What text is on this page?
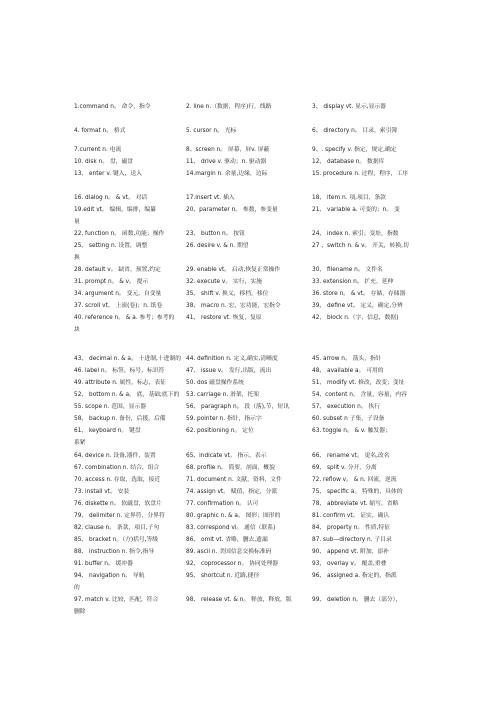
1.command n。 命令，指令	2. line n.（数据，程序)行，线路	3、 display vt. 显示,显示器
4. format n。 格式	5. cursor n。 光标	6、 directory n。 目录，索引簿
7.current n. 电流	8、screen n。 屏幕，屏v. 屏蔽	9、. specify v. 指定，规定,确定
10. disk n。 盘，磁盘	11、 drive v. 驱动；n. 驱动器	12、 database n。 数据库
13、 enter v. 键入，送入	14.margin n. 余量,边缘，边际	15. procedure n. 过程，程序，工序
16. dialog n。 & vt。 对话	17.insert vt. 插入	18、 item n. 项,项目，条款
19.edit vt。 编辑，编排，编纂	20、parameter n。 参数，参变量	21、 variable a. 可变的；n。 变
量
22. function n。 函数,功能；操作	23、 button n。 按钮	24、 index n. 索引；变址，指数
25、 setting n. 设置，调整	26. desire v. & n. 期望	27 、switch n. & v。 开关，转换,切
换
28. default v。 缺省，预置,约定	29. enable vt。 启动,恢复正常操作	30、 filename n。 文件名
31. prompt n。 & v。 提示	32. execute v。 实行，实施	33. extension n。 扩充，延伸
34. argument n。 变元，自变量	35、 shift v. 换义，移档，移位	36. store n。 & vt。 存储，存储器
37. scroll vt。 上滚(卷)；n. 纸卷	38、 macro n. 宏，宏功能，宏指令	39、 define vt。 定义，确定,分辨
40. reference n。 & a. 参考；参考的 41、 restore vt. 恢复，复原	42、 block n.（字，信息，数据)
块
43、 decimal n. & a。 十进制,十进制的 44. definition n. 定义,确实,清晰度	45. arrow n。 箭头，指针
46. label n。 标签，标号，标识符	47、 issue v。 发行,出版，流出	48、 available a。 可用的
49. attribute n. 属性，标志，表征	50. dos 磁盘操作系统	51、 modify vt. 修改，改变；变址
52、 bottom n. & a。 底，基础;底下的 53. carriage n. 滑架，托架	54、content n。 含量，容量，内容
55. scope n. 范围，显示器	56、 paragraph n。 段（落),节，短讯	57、 execution n。 执行
58、 backup n. 备份，后援，后備	59. pointer n. 指针，指示字	60. subset n 子集，子设备
61、 keyboard n。 键盘	62. positioning n。 定位	63. toggle n。 & v. 触发器；
系紧
64. device n. 设备,器件，装置	65、indicate vt。 指示，表示	66、 rename vt。 更名,改名
67. combination n. 结合，组合	68. profile n。 简要，剖面，概貌	69、 split v. 分开，分离
70. access n. 存取，选取，接近	71. document n. 文献，资料，文件	72. reflow v。 & n. 回流，逆流
73. install vt。 安装	74. assign vt。 赋值，指定，分派	75、 specific a。 特殊的，具体的
76. diskette n。 软磁盘，软盘片	77. confirmation n。 认可	78、 abbreviate vt. 缩写，省略
79、 delimiter n. 定界符，分界符	80. graphic n. & a。 图形；图形的	81. confirm vt。 证实，确认
82. clause n。 条款，项目,子句	83. correspond vi。 通信（联系)	84、 property n。 性质,特征
85、 bracket n。（方)括号,等级	86、 omit vt. 省略，删去,遗漏	87. sub—directory n. 子目录
88、 instruction n. 指令,指导	89. ascii n. 美国信息交换标准码	90、 append vt. 附加，添补
91. buffer n。 缓冲器	92、 coprocessor n。 协同处理器	93、 overlay v。 覆盖,重叠
94、 navigation n。 导航	95、 shortcut n. 近路,捷径	96、 assigned a. 指定的，指派
的
97. match v. 比较，匹配，符合	98、 release vt. & n。 释放，释放，版	99、 deletion n。 删去（部分），
删除
